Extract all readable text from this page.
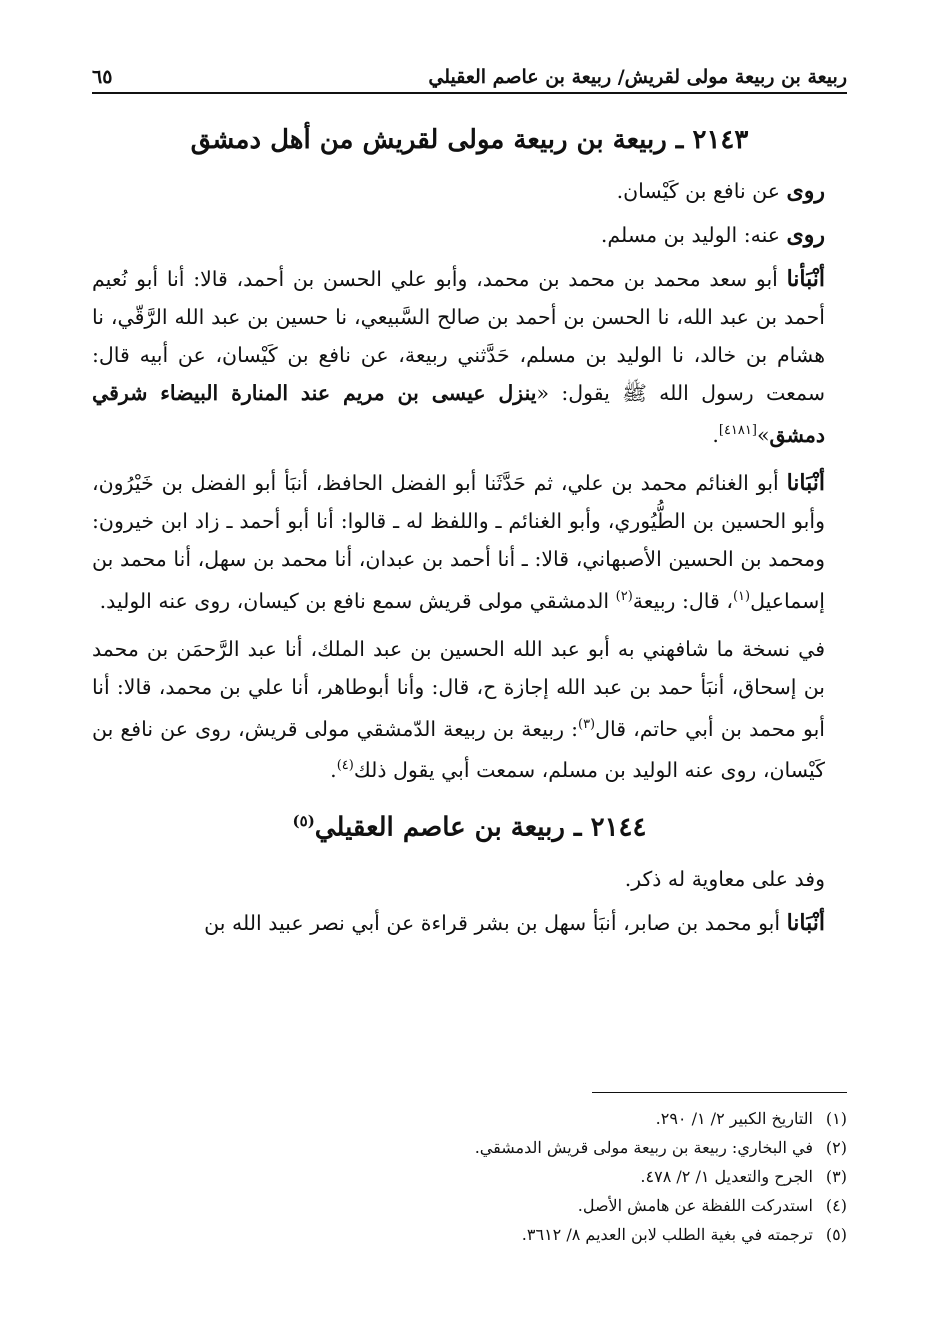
ربيعة بن ربيعة مولى لقريش/ ربيعة بن عاصم العقيلي
٦٥
٢١٤٣ ـ ربيعة بن ربيعة مولى لقريش من أهل دمشق

روى عن نافع بن كَيْسان.

روى عنه: الوليد بن مسلم.

أنْبَأنا أبو سعد محمد بن محمد بن محمد، وأبو علي الحسن بن أحمد، قالا: أنا أبو نُعيم أحمد بن عبد الله، نا الحسن بن أحمد بن صالح السَّبيعي، نا حسين بن عبد الله الرَّقّي، نا هشام بن خالد، نا الوليد بن مسلم، حَدَّثني ربيعة، عن نافع بن كَيْسان، عن أبيه قال: سمعت رسول الله ﷺ يقول: «ينزل عيسى بن مريم عند المنارة البيضاء شرقي دمشق»[٤١٨١].

أنْبَانا أبو الغنائم محمد بن علي، ثم حَدَّثَنا أبو الفضل الحافظ، أنبَأ أبو الفضل بن خَيْرُون، وأبو الحسين بن الطُّيُوري، وأبو الغنائم ـ واللفظ له ـ قالوا: أنا أبو أحمد ـ زاد ابن خيرون: ومحمد بن الحسين الأصبهاني، قالا: ـ أنا أحمد بن عبدان، أنا محمد بن سهل، أنا محمد بن إسماعيل$^{(١)}$، قال: ربيعة$^{(٢)}$ الدمشقي مولى قريش سمع نافع بن كيسان، روى عنه الوليد.

في نسخة ما شافهني به أبو عبد الله الحسين بن عبد الملك، أنا عبد الرَّحمَن بن محمد بن إسحاق، أنبَأ حمد بن عبد الله إجازة ح، قال: وأنا أبوطاهر، أنا علي بن محمد، قالا: أنا أبو محمد بن أبي حاتم، قال$^{(٣)}$: ربيعة بن ربيعة الدّمشقي مولى قريش، روى عن نافع بن كَيْسان، روى عنه الوليد بن مسلم، سمعت أبي يقول ذلك$^{(٤)}$.

٢١٤٤ ـ ربيعة بن عاصم العقيلي$^{(٥)}$

وفد على معاوية له ذكر.

أنْبَانا أبو محمد بن صابر، أنبَأ سهل بن بشر قراءة عن أبي نصر عبيد الله بن

(١)التاريخ الكبير ٢/ ١/ ٢٩٠.
(٢)في البخاري: ربيعة بن ربيعة مولى قريش الدمشقي.
(٣)الجرح والتعديل ١/ ٢/ ٤٧٨.
(٤)استدركت اللفظة عن هامش الأصل.
(٥)ترجمته في بغية الطلب لابن العديم ٨/ ٣٦١٢.
